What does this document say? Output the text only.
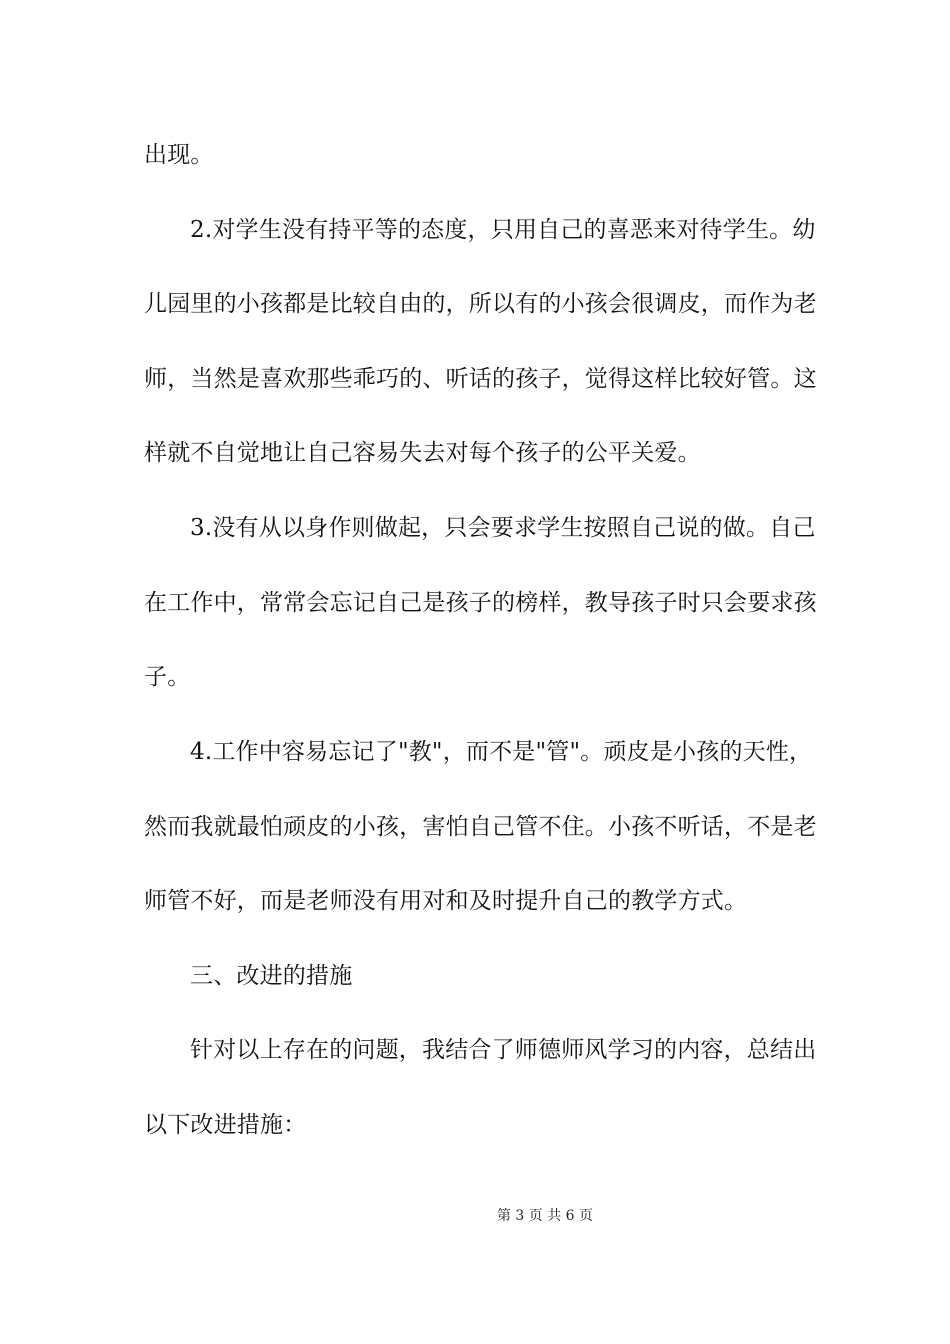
出现。
2.对学生没有持平等的态度，只用自己的喜恶来对待学生。幼
儿园里的小孩都是比较自由的，所以有的小孩会很调皮，而作为老
师，当然是喜欢那些乖巧的、听话的孩子，觉得这样比较好管。这
样就不自觉地让自己容易失去对每个孩子的公平关爱。
3.没有从以身作则做起，只会要求学生按照自己说的做。自己
在工作中，常常会忘记自己是孩子的榜样，教导孩子时只会要求孩
子。
4.工作中容易忘记了"教"，而不是"管"。顽皮是小孩的天性，
然而我就最怕顽皮的小孩，害怕自己管不住。小孩不听话，不是老
师管不好，而是老师没有用对和及时提升自己的教学方式。
三、改进的措施
针对以上存在的问题，我结合了师德师风学习的内容，总结出
以下改进措施：
第 3 页 共 6 页
